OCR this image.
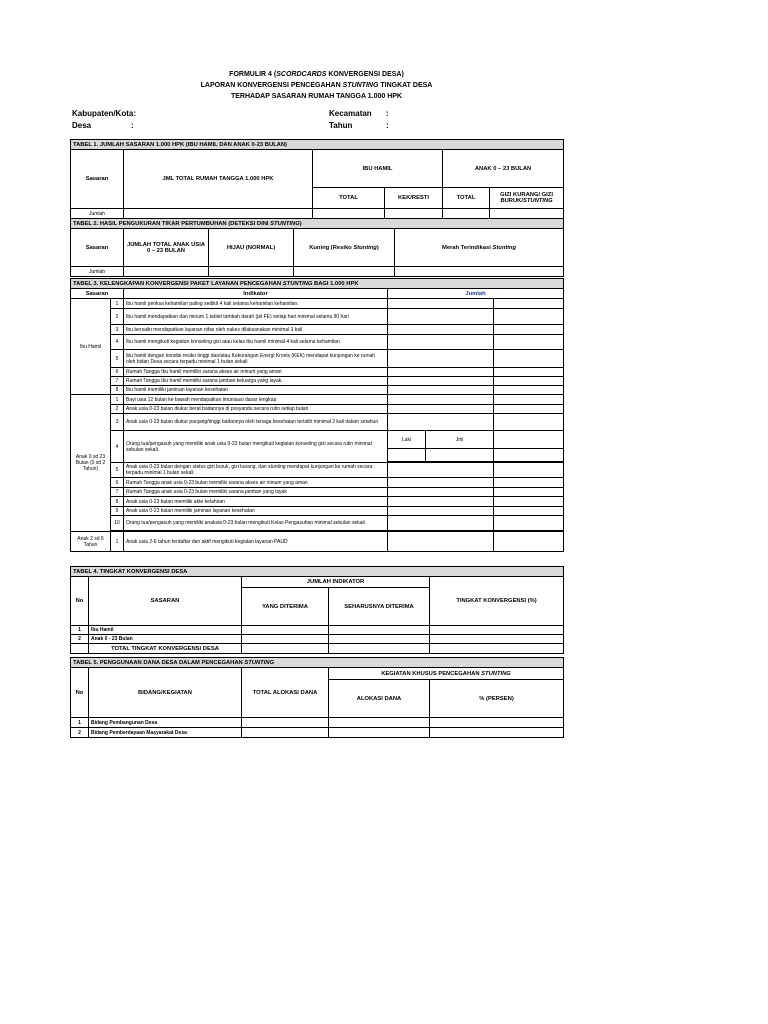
FORMULIR 4 (SCORDCARDS KONVERGENSI DESA)
LAPORAN KONVERGENSI PENCEGAHAN STUNTING TINGKAT DESA
TERHADAP SASARAN RUMAH TANGGA 1.000 HPK
Kabupaten/Kota:
Desa	:
Kecamatan :
Tahun	:
TABEL 1. JUMLAH SASARAN 1.000 HPK (IBU HAMIL DAN ANAK 0-23 BULAN)					
Sasaran	JML TOTAL RUMAH TANGGA 1.000 HPK	IBU HAMIL		ANAK 0 – 23 BULAN	
		TOTAL	KEK/RESTI	TOTAL	GIZI KURANG/ GIZI BURUK/STUNTING
Jumlah					
TABEL 2. HASIL PENGUKURAN TIKAR PERTUMBUHAN (DETEKSI DINI STUNTING)				
Sasaran	JUMLAH TOTAL ANAK USIA 0 – 23 BULAN	HIJAU (NORMAL)	Kuning (Resiko Stunting)	Merah Terindikasi Stunting
Jumlah				
TABEL 3. KELENGKAPAN KONVERGENSI PAKET LAYANAN PENCEGAHAN STUNTING BAGI 1.000 HPK					
Sasaran		Indikator	Jumlah		
Ibu Hamil	1	Ibu hamil periksa kehamilan paling sedikit 4 kali selama kehamilan kehamilan.			
	2	Ibu hamil mendapatkan dan minum 1 tablet tambah darah (pil FE) setiap hari minimal selama 90 hari			
	3	Ibu bersalin mendapatkan layanan nifas oleh nakes dilaksanakan minimal 3 kali			
	4	Ibu hamil mengikuti kegiatan konseling gizi atau kelas ibu hamil minimal 4 kali selama kehamilan			
	5	Ibu hamil dengan kondisi resiko tinggi dan/atau Kekurangan Energi Kronis (KEK) mendapat kunjungan ke rumah oleh bidan Desa secara terpadu minimal 1 bulan sekali			
	6	Rumah Tangga Ibu hamil memiliki sarana akses air minum yang aman			
	7	Rumah Tangga Ibu hamil memiliki sarana jamban keluarga yang layak.			
	8	Ibu hamil memiliki jaminan layanan kesehatan			
Anak 0 sd 23 Bulan (0 sd 2 Tahun)	1	Bayi usia 12 bulan ke bawah mendapatkan imunisasi dasar lengkap			
	2	Anak usia 0-23 bulan diukur berat badannya di posyandu secara rutin setiap bulan			
	3	Anak usia 0-23 bulan diukur panjang/tinggi badannya oleh tenaga kesehatan terlatih minimal 2 kali dalam setahun			
	4	Orang tua/pengasuh yang memiliki anak usia 0-23 bulan mengikuti kegiatan konseling gizi secara rutin minimal sebulan sekali.	Laki	Jml	

	5	Anak usia 0-23 bulan dengan status gizi buruk, gizi kurang, dan stunting mendapat kunjungan ke rumah secara terpadu minimal 1 bulan sekali			
	6	Rumah Tangga anak usia 0-23 bulan memiliki sarana akses air minum yang aman			
	7	Rumah Tangga anak usia 0-23 bulan memiliki sarana jamban yang layak			
	8	Anak usia 0-23 bulan memiliki akte kelahiran			
	9	Anak usia 0-23 bulan memiliki jaminan layanan kesehatan			
	10	Orang tua/pengasuh yang memiliki anaksia 0-23 bulan mengikuti Kelas Pengasuhan minimal sebulan sekali			

Anak 2 sd 6 Tahun	1	Anak usia 2-6 tahun terdaftar dan aktif mengikuti kegiatan layanan PAUD			
TABEL 4. TINGKAT KONVERGENSI DESA				
No	SASARAN	JUMLAH INDIKATOR		TINGKAT KONVERGENSI (%)
		YANG DITERIMA	SEHARUSNYA DITERIMA	
1	Ibu Hamil			
2	Anak 0 - 23 Bulan			
	TOTAL TINGKAT KONVERGENSI DESA			
TABEL 5. PENGGUNAAN DANA DESA DALAM PENCEGAHAN STUNTING				
No	BIDANG/KEGIATAN	TOTAL ALOKASI DANA	KEGIATAN KHUSUS PENCEGAHAN STUNTING	
			ALOKASI DANA	% (PERSEN)
1	Bidang Pembangunan Desa			
2	Bidang Pemberdayaan Masyarakat Desa			
